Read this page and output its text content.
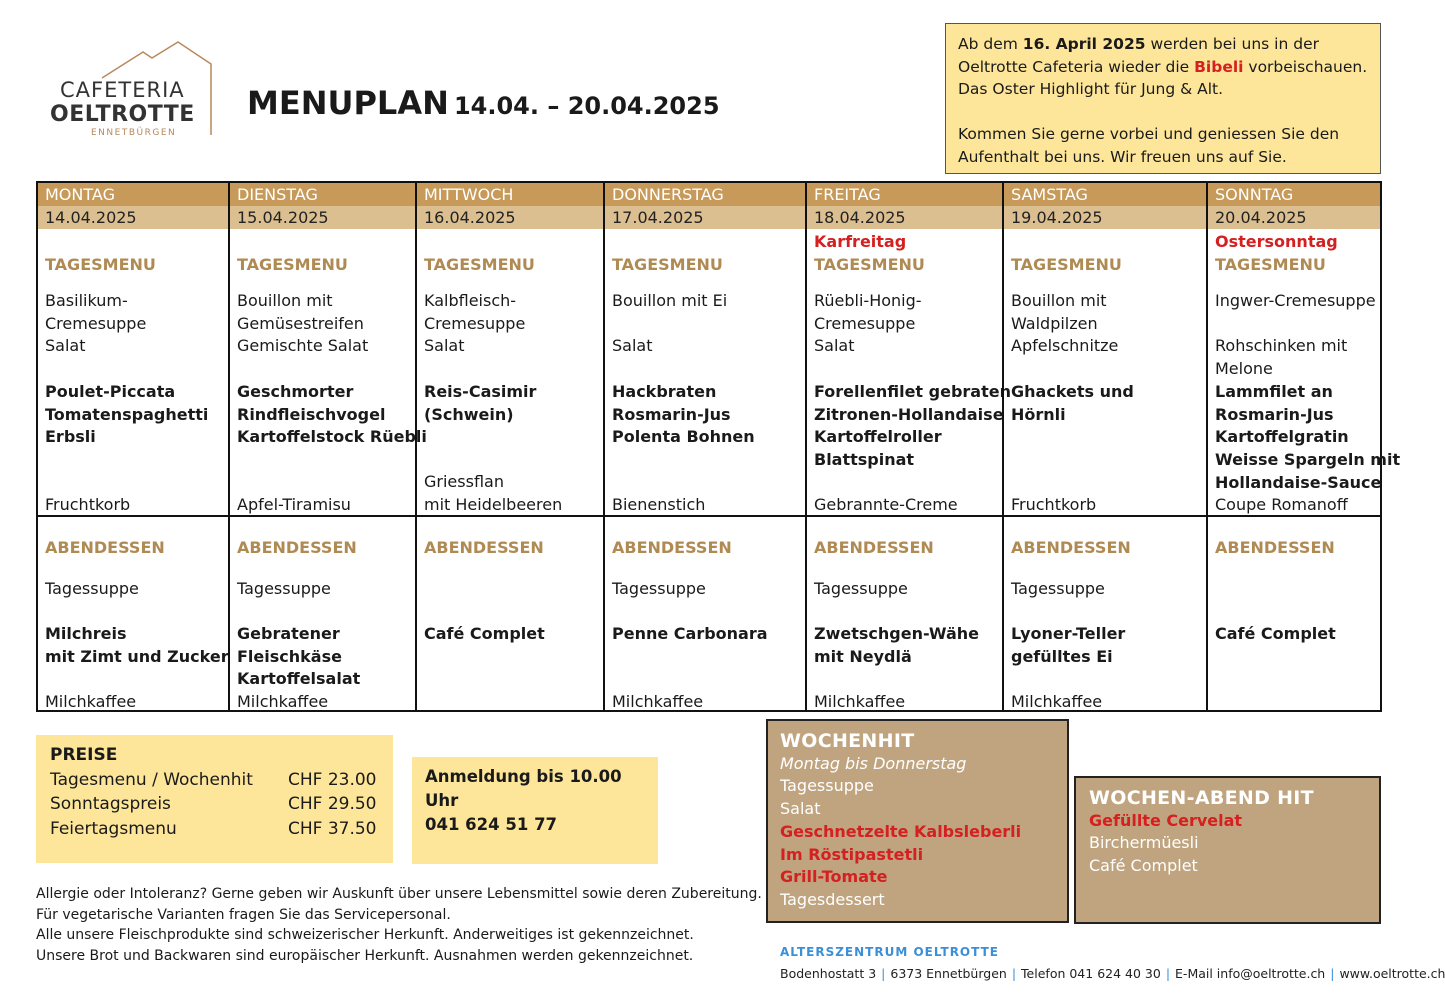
CAFETERIA
OELTROTTE
ENNETBÜRGEN
MENUPLAN 14.04. – 20.04.2025

Ab dem 16. April 2025 werden bei uns in der Oeltrotte Cafeteria wieder die Bibeli vorbeischauen. Das Oster Highlight für Jung & Alt.

Kommen Sie gerne vorbei und geniessen Sie den Aufenthalt bei uns. Wir freuen uns auf Sie.

MONTAG
14.04.2025
TAGESMENU
Basilikum-
Cremesuppe
Salat
Poulet-Piccata
Tomatenspaghetti
Erbsli
Fruchtkorb
ABENDESSEN
Tagessuppe
Milchreis
mit Zimt und Zucker
Milchkaffee
DIENSTAG
15.04.2025
TAGESMENU
Bouillon mit
Gemüsestreifen
Gemischte Salat
Geschmorter
Rindfleischvogel
Kartoffelstock Rüebli
Apfel-Tiramisu
ABENDESSEN
Tagessuppe
Gebratener
Fleischkäse
Kartoffelsalat
Milchkaffee
MITTWOCH
16.04.2025
TAGESMENU
Kalbfleisch-
Cremesuppe
Salat
Reis-Casimir
(Schwein)
Griessflan
mit Heidelbeeren
ABENDESSEN
Café Complet
DONNERSTAG
17.04.2025
TAGESMENU
Bouillon mit Ei
Salat
Hackbraten
Rosmarin-Jus
Polenta Bohnen
Bienenstich
ABENDESSEN
Tagessuppe
Penne Carbonara
Milchkaffee
FREITAG
18.04.2025
Karfreitag
TAGESMENU
Rüebli-Honig-
Cremesuppe
Salat
Forellenfilet gebraten
Zitronen-Hollandaise
Kartoffelroller
Blattspinat
Gebrannte-Creme
ABENDESSEN
Tagessuppe
Zwetschgen-Wähe
mit Neydlä
Milchkaffee
SAMSTAG
19.04.2025
TAGESMENU
Bouillon mit
Waldpilzen
Apfelschnitze
Ghackets und
Hörnli
Fruchtkorb
ABENDESSEN
Tagessuppe
Lyoner-Teller
gefülltes Ei
Milchkaffee
SONNTAG
20.04.2025
Ostersonntag
TAGESMENU
Ingwer-Cremesuppe
Rohschinken mit
Melone
Lammfilet an
Rosmarin-Jus
Kartoffelgratin
Weisse Spargeln mit
Hollandaise-Sauce
Coupe Romanoff
ABENDESSEN
Café Complet
PREISE
Tagesmenu / Wochenhit CHF 23.00
Sonntagspreis	CHF 29.50
Feiertagsmenu	CHF 37.50
Anmeldung bis 10.00 Uhr
041 624 51 77
Allergie oder Intoleranz? Gerne geben wir Auskunft über unsere Lebensmittel sowie deren Zubereitung.
Für vegetarische Varianten fragen Sie das Servicepersonal.
Alle unsere Fleischprodukte sind schweizerischer Herkunft. Anderweitiges ist gekennzeichnet.
Unsere Brot und Backwaren sind europäischer Herkunft. Ausnahmen werden gekennzeichnet.
WOCHENHIT
Montag bis Donnerstag
Tagessuppe
Salat
Geschnetzelte Kalbsleberli
Im Röstipastetli
Grill-Tomate
Tagesdessert
WOCHEN-ABEND HIT
Gefüllte Cervelat
Birchermüesli
Café Complet
ALTERSZENTRUM OELTROTTE
Bodenhostatt 3 | 6373 Ennetbürgen | Telefon 041 624 40 30 | E-Mail info@oeltrotte.ch | www.oeltrotte.ch
